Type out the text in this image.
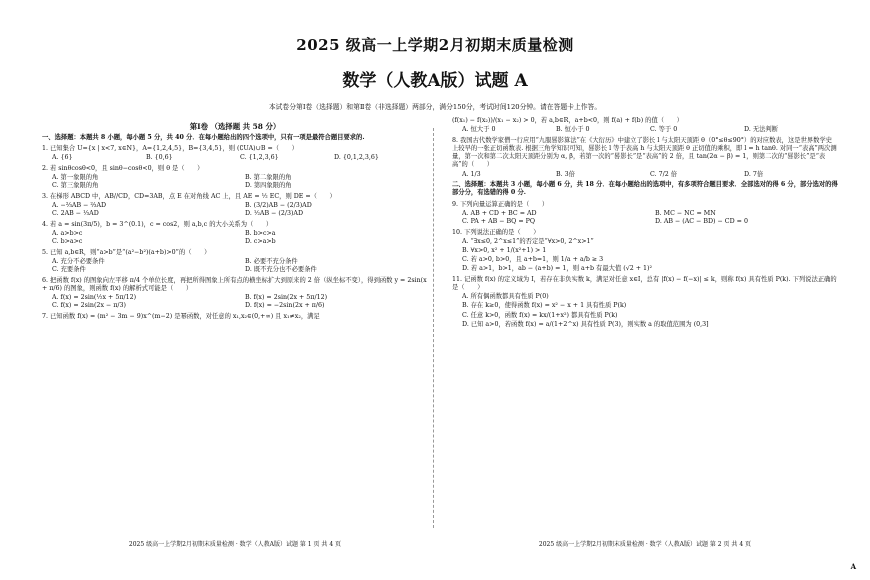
2025 级高一上学期2月初期末质量检测
数学（人教A版）试题 A
本试卷分第Ⅰ卷（选择题）和第Ⅱ卷（非选择题）两部分，满分150分，考试时间120分钟。请在答题卡上作答。
第Ⅰ卷 （选择题 共 58 分）
一、选择题：本题共 8 小题，每小题 5 分，共 40 分．在每小题给出的四个选项中，只有一项是最符合题目要求的.
1. 已知集合 U={x | x<7, x∈N}，A={1,2,4,5}，B={3,4,5}，则 (∁UA)∪B =（　　）
A. {6}	B. {0,6}	C. {1,2,3,6}	D. {0,1,2,3,6}
2. 若 sinθcosθ<0，且 sinθ−cosθ<0，则 θ 是（　　）
A. 第一象限的角	B. 第二象限的角
C. 第三象限的角	D. 第四象限的角
3. 在梯形 ABCD 中，AB//CD，CD=3AB，点 E 在对角线 AC 上，且 AE = ½ EC，则 DE =（　　）
A. −⅔AB − ⅔AD	B. (3/2)AB − (2/3)AD
C. 2AB − ⅓AD	D. ½AB − (2/3)AD
4. 若 a = sin(3π/5)，b = 3^(0.1)，c = cos2，则 a,b,c 的大小关系为（　　）
A. a>b>c	B. b>c>a
C. b>a>c	D. c>a>b
5. 已知 a,b∈R，则“a>b”是“(a²−b²)(a+b)>0”的（　　）
A. 充分不必要条件	B. 必要不充分条件
C. 充要条件	D. 既不充分也不必要条件
6. 把函数 f(x) 的图象向左平移 π/4 个单位长度，再把所得图象上所有点的横坐标扩大到原来的 2 倍（纵坐标不变），得到函数 y = 2sin(x + π/6) 的图象，则函数 f(x) 的解析式可能是（　　）
A. f(x) = 2sin(½x + 5π/12)	B. f(x) = 2sin(2x + 5π/12)
C. f(x) = 2sin(2x − π/3)	D. f(x) = −2sin(2x + π/6)
7. 已知函数 f(x) = (m² − 3m − 9)x^(m−2) 是幂函数，对任意的 x₁,x₂∈(0,+∞) 且 x₁≠x₂，满足
(f(x₁) − f(x₂))/(x₁ − x₂) > 0，若 a,b∈R，a+b<0，则 f(a) + f(b) 的值（　　）
A. 恒大于 0	B. 恒小于 0	C. 等于 0	D. 无法判断
8. 我国古代数学家僧一行应用“九服晷影算法”在《大衍历》中建立了影长 l 与太阳天顶距 θ（0°≤θ≤90°）的对应数表，这是世界数学史上较早的一张正切函数表. 根据三角学知识可知，晷影长 l 等于表高 h 与太阳天顶距 θ 正切值的乘积，即 l = h tanθ. 对同一“表高”两次测量，第一次和第二次太阳天顶距分别为 α, β，若第一次的“晷影长”是“表高”的 2 倍，且 tan(2α − β) = 1，则第二次的“晷影长”是“表高”的（　　）
A. 1/3	B. 3倍	C. 7/2 倍	D. 7倍
二、选择题：本题共 3 小题，每小题 6 分，共 18 分．在每小题给出的选项中，有多项符合题目要求．全部选对的得 6 分，部分选对的得部分分，有选错的得 0 分.
9. 下列向量运算正确的是（　　）
A. AB + CD + BC = AD	B. MC − NC = MN
C. PA + AB − BQ = PQ	D. AB − (AC − BD) − CD = 0
10. 下列说法正确的是（　　）
A. “∃x≤0, 2^x≤1”的否定是“∀x>0, 2^x>1”
B. ∀x>0, x² + 1/(x²+1) > 1
C. 若 a>0, b>0，且 a+b=1，则 1/a + a/b ≥ 3
D. 若 a>1，b>1，ab − (a+b) = 1，则 a+b 有最大值 (√2 + 1)²
11. 记函数 f(x) 的定义域为 I，若存在非负实数 k，满足对任意 x∈I，总有 |f(x) − f(−x)| ≤ k，则称 f(x) 具有性质 P(k). 下列说法正确的是（　　）
A. 所有偶函数都具有性质 P(0)
B. 存在 k≥0，使得函数 f(x) = x² − x + 1 具有性质 P(k)
C. 任意 k>0，函数 f(x) = kx/(1+x²) 都具有性质 P(k)
D. 已知 a>0，若函数 f(x) = a/(1+2^x) 具有性质 P(3)，则实数 a 的取值范围为 (0,3]
2025 级高一上学期2月初期末质量检测 · 数学（人教A版）试题 第 1 页 共 4 页	2025 级高一上学期2月初期末质量检测 · 数学（人教A版）试题 第 2 页 共 4 页
A
